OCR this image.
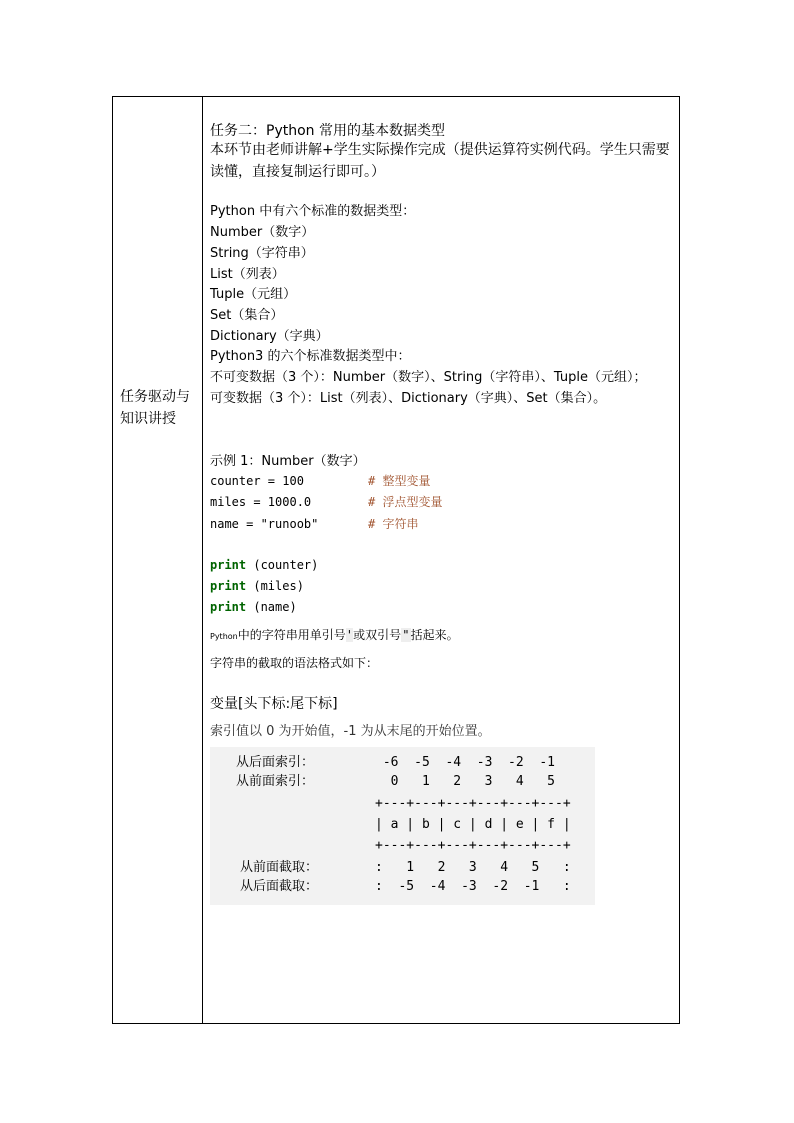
任务驱动与知识讲授
任务二：Python 常用的基本数据类型
本环节由老师讲解+学生实际操作完成（提供运算符实例代码。学生只需要读懂，直接复制运行即可。）
Python 中有六个标准的数据类型：
Number（数字）
String（字符串）
List（列表）
Tuple（元组）
Set（集合）
Dictionary（字典）
Python3 的六个标准数据类型中：
不可变数据（3 个）：Number（数字）、String（字符串）、Tuple（元组）；
可变数据（3 个）：List（列表）、Dictionary（字典）、Set（集合）。
示例 1：Number（数字）
counter = 100	# 整型变量
miles = 1000.0	# 浮点型变量
name = "runoob"	# 字符串
print (counter)
print (miles)
print (name)
Python中的字符串用单引号 ' 或双引号 " 括起来。
字符串的截取的语法格式如下：
变量[头下标:尾下标]
索引值以 0 为开始值，-1 为从末尾的开始位置。
从后面索引：	-6  -5  -4  -3  -2  -1
从前面索引：	0   1   2   3   4   5
+---+---+---+---+---+---+
| a | b | c | d | e | f |
+---+---+---+---+---+---+
从前面截取：	:   1   2   3   4   5   :
从后面截取：	:  -5  -4  -3  -2  -1   :
